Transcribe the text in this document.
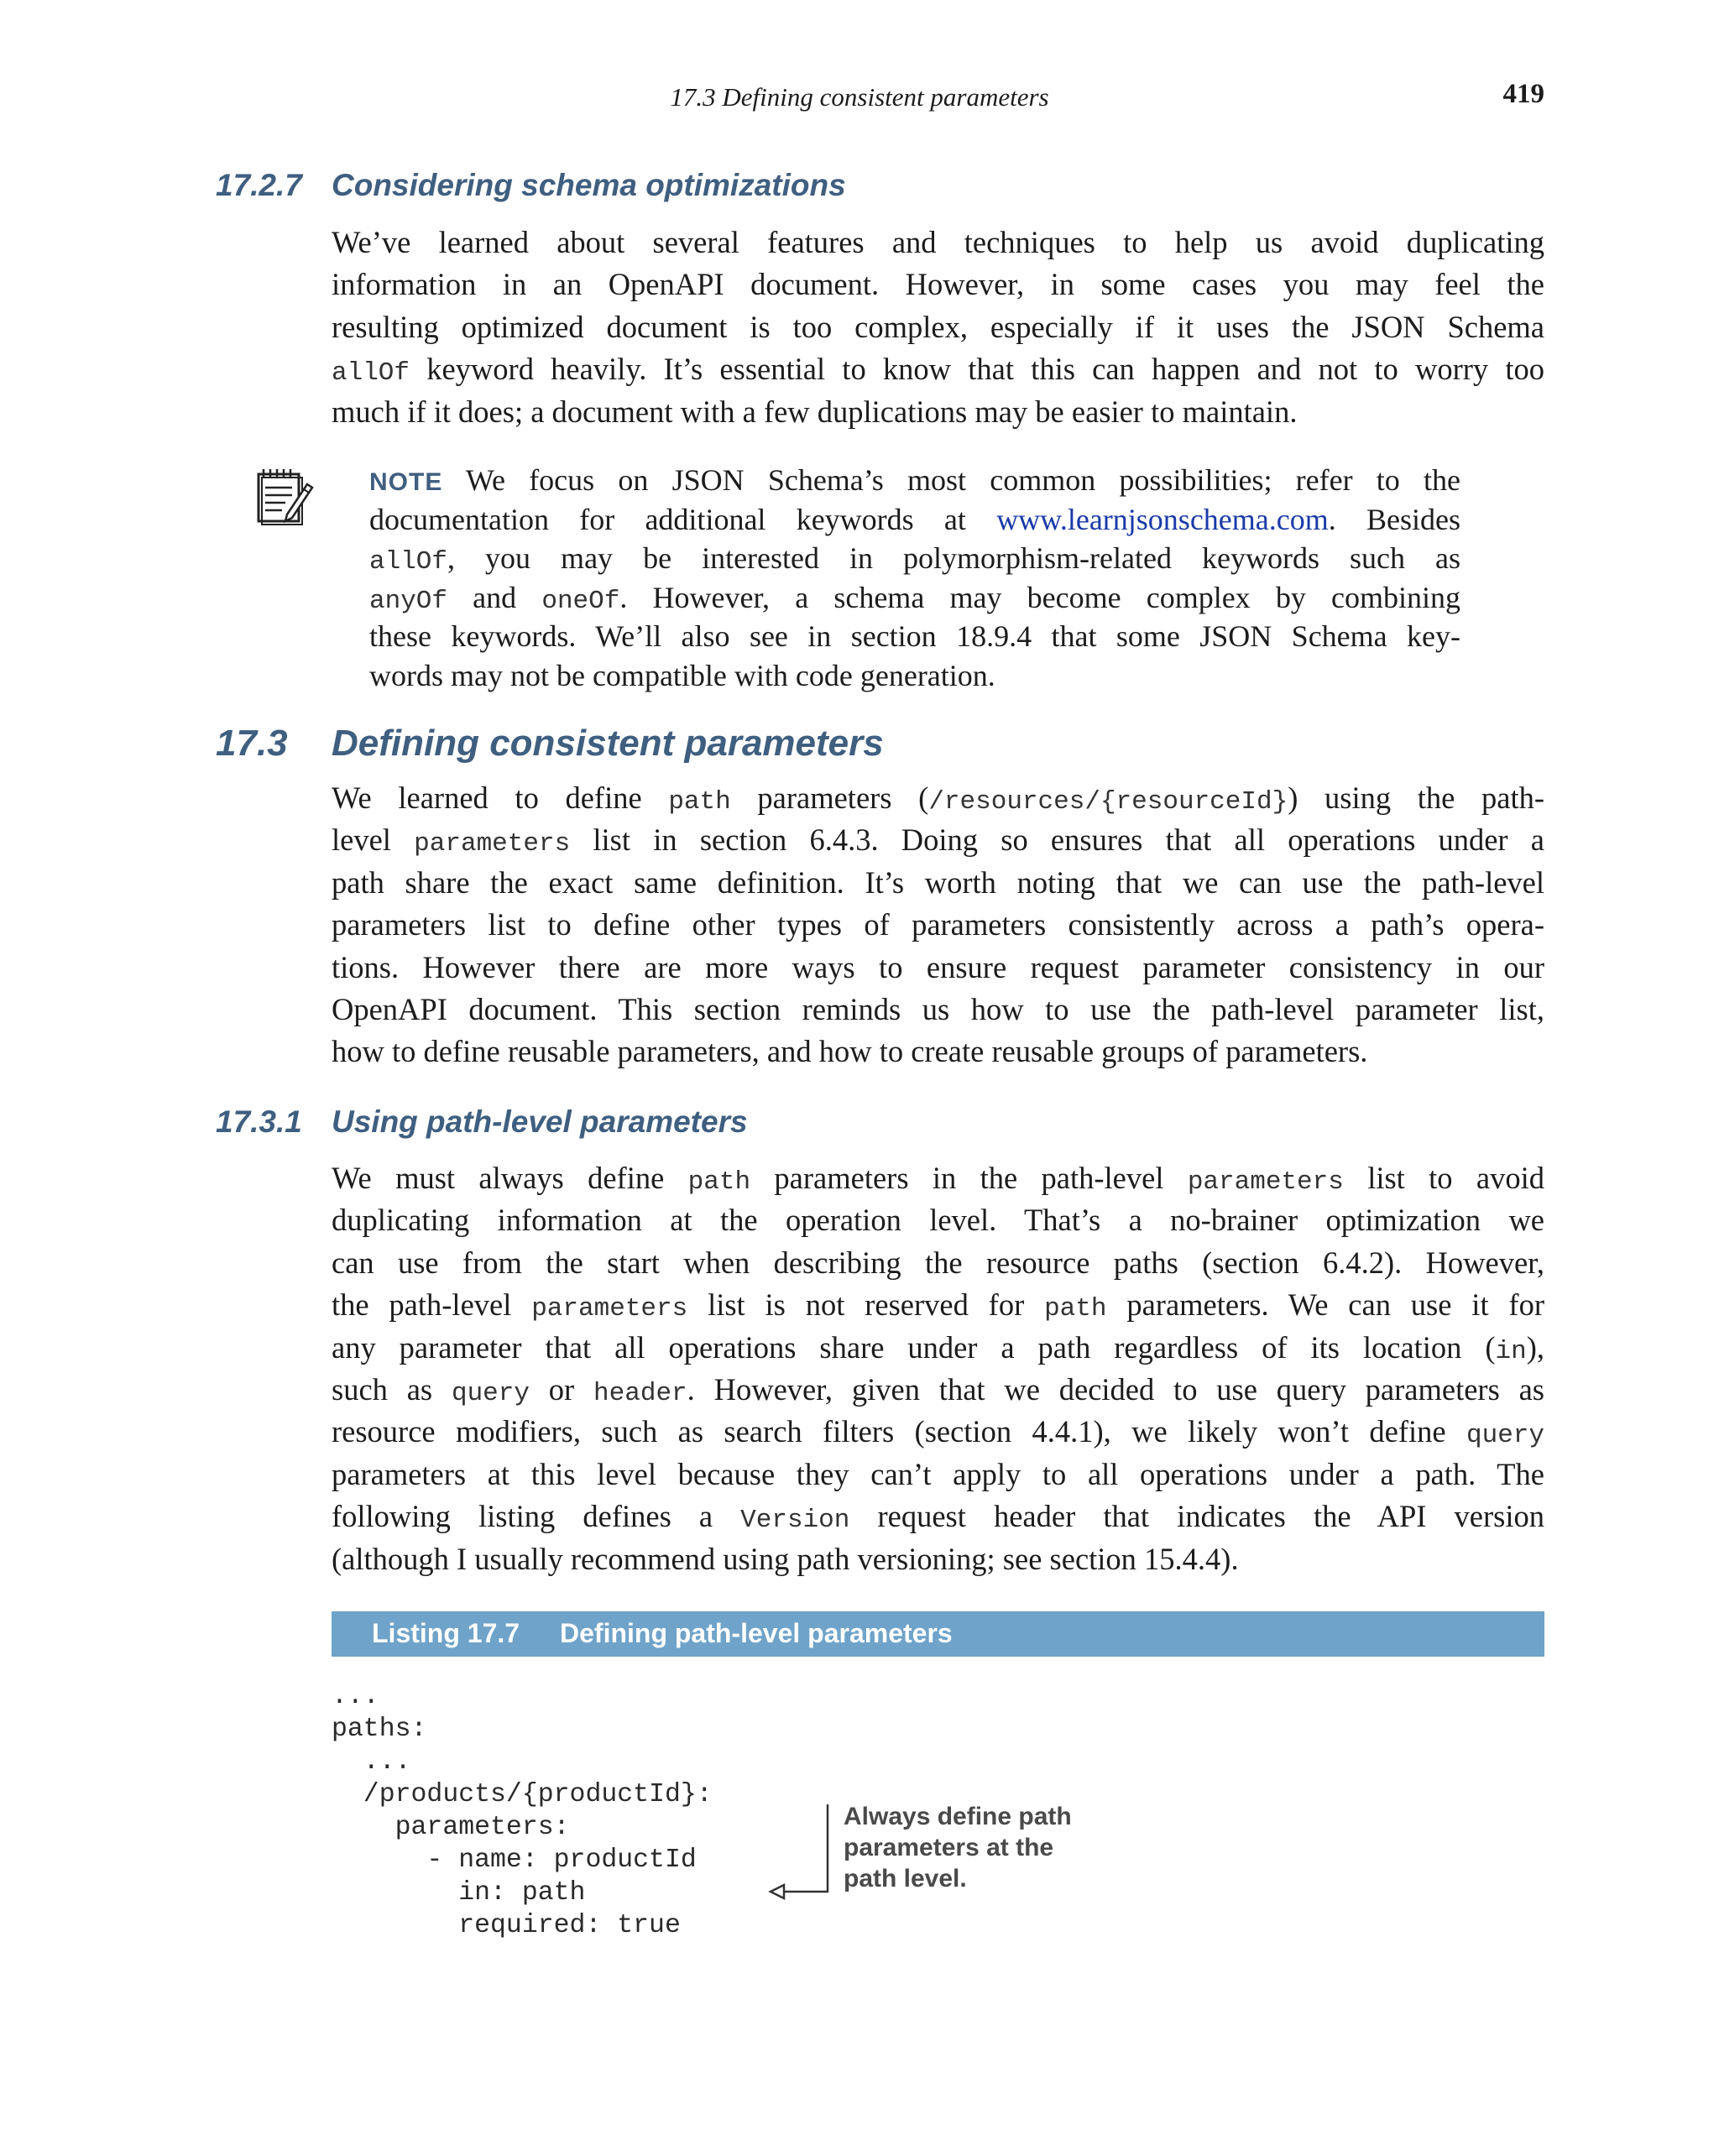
17.3 Defining consistent parameters	419
17.2.7 Considering schema optimizations
We’ve learned about several features and techniques to help us avoid duplicating
information in an OpenAPI document. However, in some cases you may feel the
resulting optimized document is too complex, especially if it uses the JSON Schema
allOf keyword heavily. It’s essential to know that this can happen and not to worry too
much if it does; a document with a few duplications may be easier to maintain.
NOTE We focus on JSON Schema’s most common possibilities; refer to the
documentation for additional keywords at www.learnjsonschema.com. Besides
allOf, you may be interested in polymorphism-related keywords such as
anyOf and oneOf. However, a schema may become complex by combining
these keywords. We’ll also see in section 18.9.4 that some JSON Schema key-
words may not be compatible with code generation.
17.3 Defining consistent parameters
We learned to define path parameters (/resources/{resourceId}) using the path-
level parameters list in section 6.4.3. Doing so ensures that all operations under a
path share the exact same definition. It’s worth noting that we can use the path-level
parameters list to define other types of parameters consistently across a path’s opera-
tions. However there are more ways to ensure request parameter consistency in our
OpenAPI document. This section reminds us how to use the path-level parameter list,
how to define reusable parameters, and how to create reusable groups of parameters.
17.3.1 Using path-level parameters
We must always define path parameters in the path-level parameters list to avoid
duplicating information at the operation level. That’s a no-brainer optimization we
can use from the start when describing the resource paths (section 6.4.2). However,
the path-level parameters list is not reserved for path parameters. We can use it for
any parameter that all operations share under a path regardless of its location (in),
such as query or header. However, given that we decided to use query parameters as
resource modifiers, such as search filters (section 4.4.1), we likely won’t define query
parameters at this level because they can’t apply to all operations under a path. The
following listing defines a Version request header that indicates the API version
(although I usually recommend using path versioning; see section 15.4.4).
Listing 17.7 Defining path-level parameters
...
paths:
...
/products/{productId}:
parameters:
- name: productId
in: path
required: true
Always define path
parameters at the
path level.
